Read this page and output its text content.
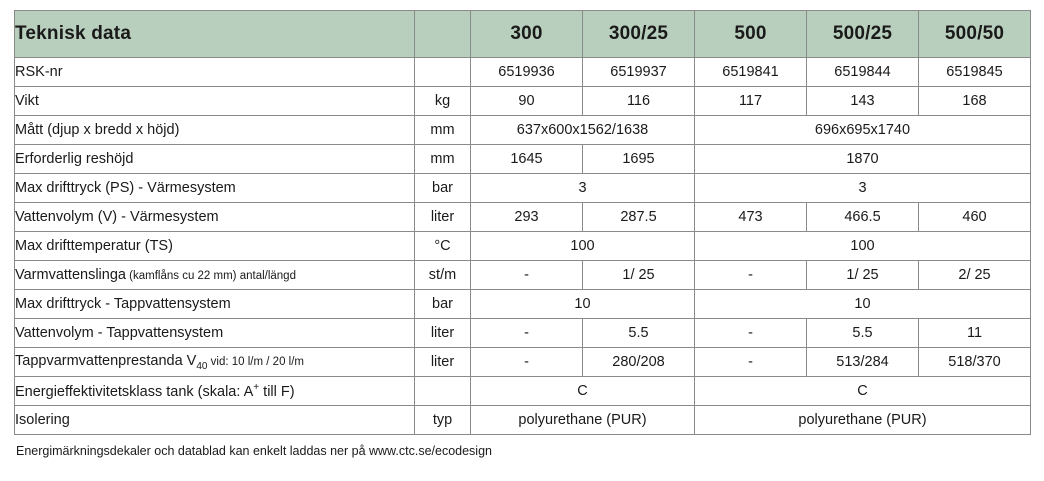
Teknisk data		300	300/25	500	500/25	500/50
RSK-nr		6519936	6519937	6519841	6519844	6519845
Vikt	kg	90	116	117	143	168
Mått (djup x bredd x höjd)	mm	637x600x1562/1638		696x695x1740		
Erforderlig reshöjd	mm	1645	1695	1870		
Max drifttryck (PS) - Värmesystem	bar	3		3		
Vattenvolym (V) - Värmesystem	liter	293	287.5	473	466.5	460
Max drifttemperatur (TS)	°C	100		100		
Varmvattenslinga (kamflåns cu 22 mm) antal/längd	st/m	-	1/ 25	-	1/ 25	2/ 25
Max drifttryck - Tappvattensystem	bar	10		10		
Vattenvolym - Tappvattensystem	liter	-	5.5	-	5.5	11
Tappvarmvattenprestanda $V_{40}$ vid: 10 l/m / 20 l/m	liter	-	280/208	-	513/284	518/370
Energieffektivitetsklass tank (skala: A+ till F)		C		C		
Isolering	typ	polyurethane (PUR)		polyurethane (PUR)		
Energimärkningsdekaler och datablad kan enkelt laddas ner på www.ctc.se/ecodesign
